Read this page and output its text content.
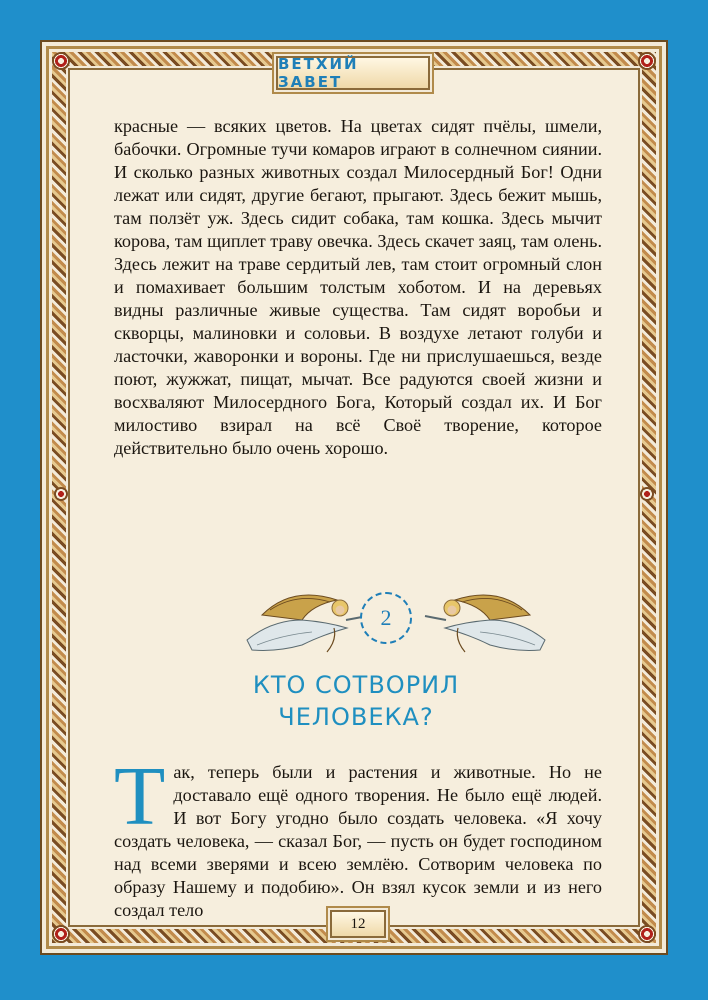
ВЕТХИЙ ЗАВЕТ

красные — всяких цветов. На цветах сидят пчёлы, шмели, бабочки. Огромные тучи комаров играют в солнечном сиянии. И сколько разных животных создал Милосердный Бог! Одни лежат или сидят, другие бегают, прыгают. Здесь бежит мышь, там ползёт уж. Здесь сидит собака, там кошка. Здесь мычит корова, там щиплет траву овечка. Здесь скачет заяц, там олень. Здесь лежит на траве сердитый лев, там стоит огромный слон и помахивает большим толстым хоботом. И на деревьях видны различные живые существа. Там сидят воробьи и скворцы, малиновки и соловьи. В воздухе летают голуби и ласточки, жаворонки и вороны. Где ни прислушаешься, везде поют, жужжат, пищат, мычат. Все радуются своей жизни и восхваляют Милосердного Бога, Который создал их. И Бог милостиво взирал на всё Своё творение, которое действительно было очень хорошо.

2
КТО СОТВОРИЛ
ЧЕЛОВЕКА?
Т ак, теперь были и растения и животные. Но не доставало ещё одного творения. Не было ещё людей. И вот Богу угодно было создать человека. «Я хочу создать человека, — сказал Бог, — пусть он будет господином над всеми зверями и всею землёю. Сотворим человека по образу Нашему и подобию». Он взял кусок земли и из него создал тело

12
